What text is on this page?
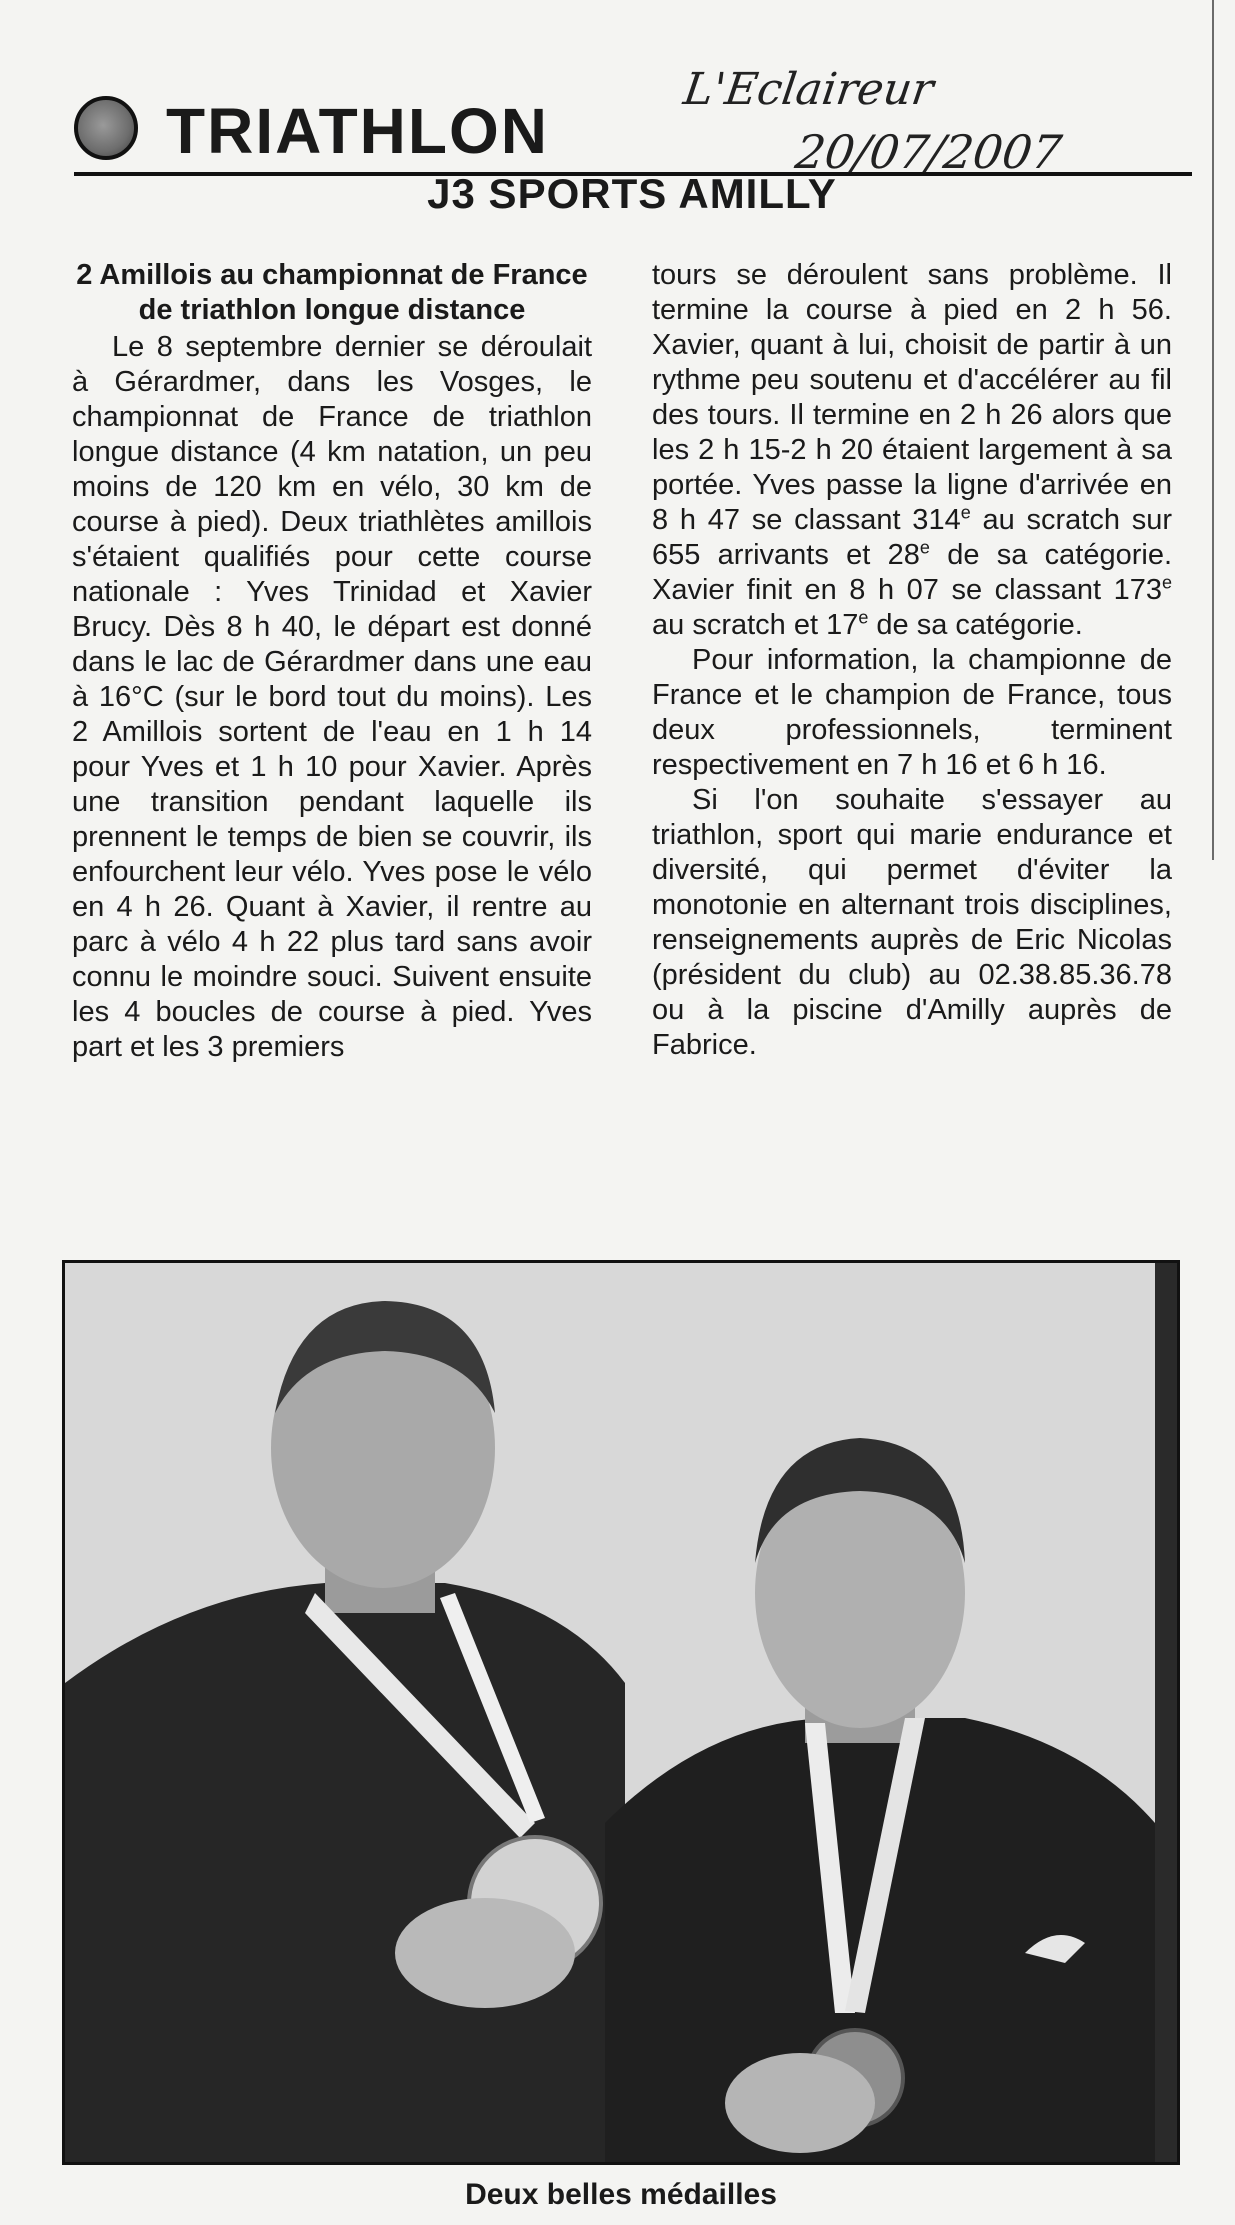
TRIATHLON
L'Eclaireur
20/07/2007
J3 SPORTS AMILLY
2 Amillois au championnat de France de triathlon longue distance

Le 8 septembre dernier se déroulait à Gérardmer, dans les Vosges, le championnat de France de triathlon longue distance (4 km natation, un peu moins de 120 km en vélo, 30 km de course à pied). Deux triathlètes amillois s'étaient qualifiés pour cette course nationale : Yves Trinidad et Xavier Brucy. Dès 8 h 40, le départ est donné dans le lac de Gérardmer dans une eau à 16°C (sur le bord tout du moins). Les 2 Amillois sortent de l'eau en 1 h 14 pour Yves et 1 h 10 pour Xavier. Après une transition pendant laquelle ils prennent le temps de bien se couvrir, ils enfourchent leur vélo. Yves pose le vélo en 4 h 26. Quant à Xavier, il rentre au parc à vélo 4 h 22 plus tard sans avoir connu le moindre souci. Suivent ensuite les 4 boucles de course à pied. Yves part et les 3 premiers

tours se déroulent sans problème. Il termine la course à pied en 2 h 56. Xavier, quant à lui, choisit de partir à un rythme peu soutenu et d'accélérer au fil des tours. Il termine en 2 h 26 alors que les 2 h 15-2 h 20 étaient largement à sa portée. Yves passe la ligne d'arrivée en 8 h 47 se classant 314e au scratch sur 655 arrivants et 28e de sa catégorie. Xavier finit en 8 h 07 se classant 173e au scratch et 17e de sa catégorie.

Pour information, la championne de France et le champion de France, tous deux professionnels, terminent respectivement en 7 h 16 et 6 h 16.

Si l'on souhaite s'essayer au triathlon, sport qui marie endurance et diversité, qui permet d'éviter la monotonie en alternant trois disciplines, renseignements auprès de Eric Nicolas (président du club) au 02.38.85.36.78 ou à la piscine d'Amilly auprès de Fabrice.

Deux belles médailles
